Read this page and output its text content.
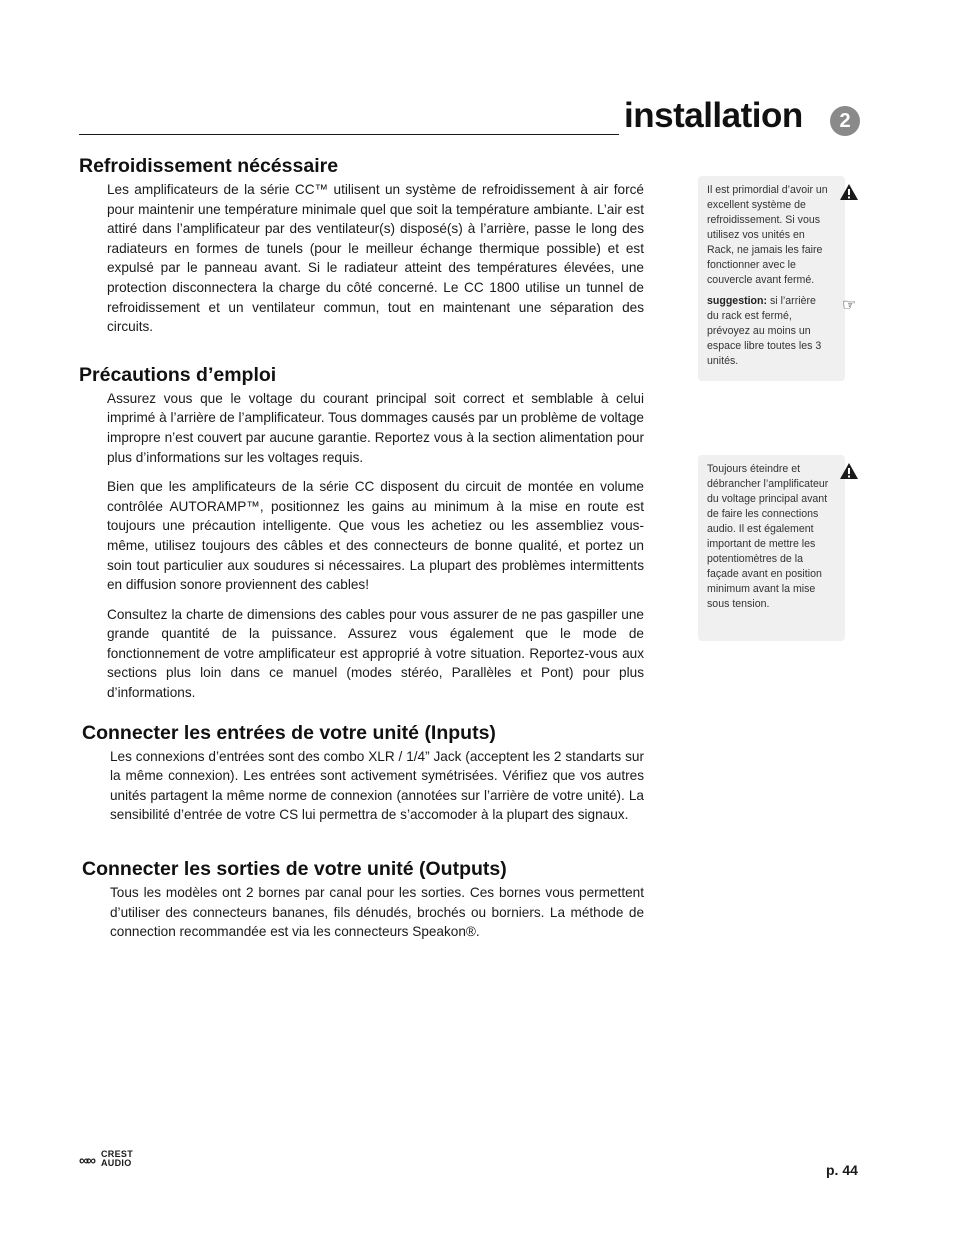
installation	2
Refroidissement nécéssaire

Les amplificateurs de la série CC™ utilisent un système de refroidissement à air forcé pour maintenir une température minimale quel que soit la température ambiante. L’air est attiré dans l’amplificateur par des ventilateur(s) disposé(s) à l’arrière, passe le long des radiateurs en formes de tunels (pour le meilleur échange thermique possible) et est expulsé par le panneau avant. Si le radiateur atteint des températures élevées, une protection disconnectera la charge du côté concerné. Le CC 1800 utilise un tunnel de refroidissement et un ventilateur commun, tout en maintenant une séparation des circuits.

Précautions d’emploi

Assurez vous que le voltage du courant principal soit correct et semblable à celui imprimé à l’arrière de l’amplificateur. Tous dommages causés par un problème de voltage impropre n’est couvert par aucune garantie. Reportez vous à la section alimentation pour plus d’informations sur les voltages requis.

Bien que les amplificateurs de la série CC disposent du circuit de montée en volume contrôlée AUTORAMP™, positionnez les gains au minimum à la mise en route est toujours une précaution intelligente. Que vous les achetiez ou les assembliez vous-même, utilisez toujours des câbles et des connecteurs de bonne qualité, et portez un soin tout particulier aux soudures si nécessaires. La plupart des problèmes intermittents en diffusion sonore proviennent des cables!

Consultez la charte de dimensions des cables pour vous assurer de ne pas gaspiller une grande quantité de la puissance. Assurez vous également que le mode de fonctionnement de votre amplificateur est approprié à votre situation. Reportez-vous aux sections plus loin dans ce manuel (modes stéréo, Parallèles et Pont) pour plus d’informations.

Connecter les entrées de votre unité (Inputs)

Les connexions d’entrées sont des combo XLR / 1/4” Jack (acceptent les 2 standarts sur la même connexion). Les entrées sont activement symétrisées. Vérifiez que vos autres unités partagent la même norme de connexion (annotées sur l’arrière de votre unité). La sensibilité d’entrée de votre CS lui permettra de s’accomoder à la plupart des signaux.

Connecter les sorties de votre unité (Outputs)

Tous les modèles ont 2 bornes par canal pour les sorties. Ces bornes vous permettent d’utiliser des connecteurs bananes, fils dénudés, brochés ou borniers. La méthode de connection recommandée est via les connecteurs Speakon®.

Il est primordial d’avoir un excellent système de refroidissement. Si vous utilisez vos unités en Rack, ne jamais les faire fonctionner avec le couvercle avant fermé.

suggestion: si l’arrière du rack est fermé, prévoyez au moins un espace libre toutes les 3 unités.

☞

Toujours éteindre et débrancher l’amplificateur du voltage principal avant de faire les connections audio. Il est également important de mettre les potentiomètres de la façade avant en position minimum avant la mise sous tension.

∞∞ CREST
AUDIO	p. 44
